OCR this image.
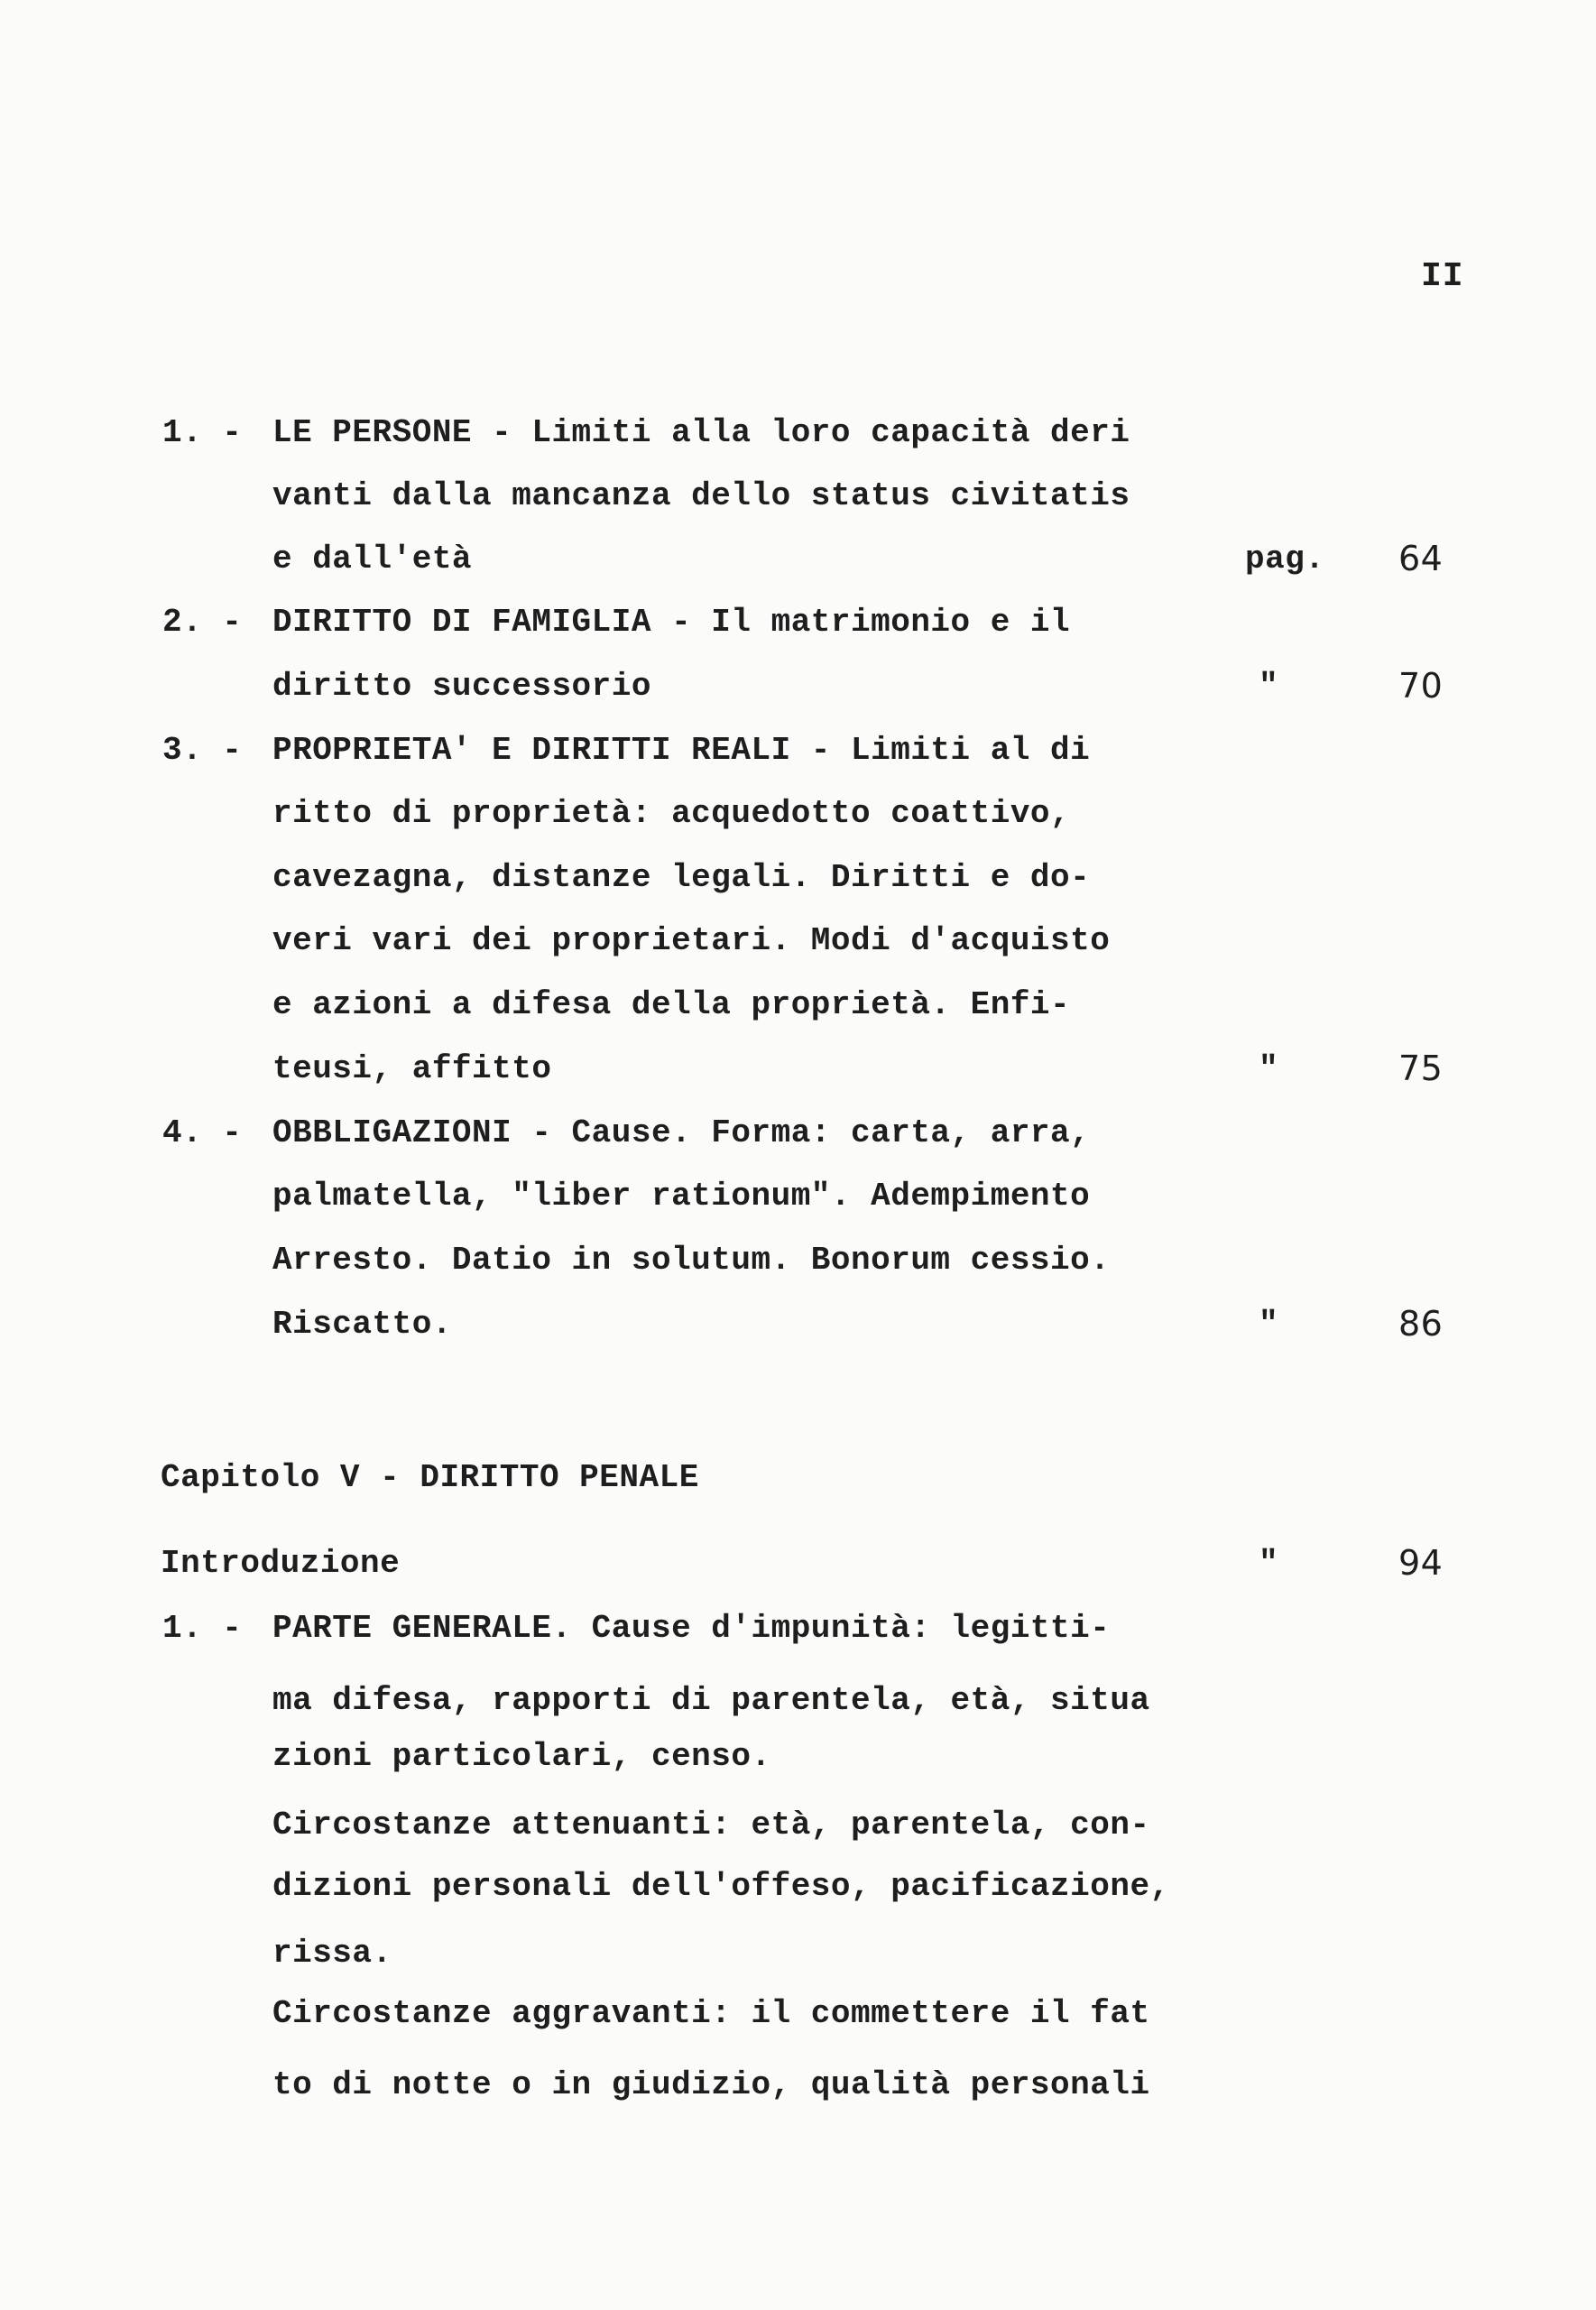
II
1. - LE PERSONE - Limiti alla loro capacità deri
vanti dalla mancanza dello status civitatis
e dall'età	pag. 64
2. - DIRITTO DI FAMIGLIA - Il matrimonio e il
diritto successorio	"	70
3. - PROPRIETA' E DIRITTI REALI - Limiti al di
ritto di proprietà: acquedotto coattivo,
cavezagna, distanze legali. Diritti e do-
veri vari dei proprietari. Modi d'acquisto
e azioni a difesa della proprietà. Enfi-
teusi, affitto	"	75
4. - OBBLIGAZIONI - Cause. Forma: carta, arra,
palmatella, "liber rationum". Adempimento
Arresto. Datio in solutum. Bonorum cessio.
Riscatto.	"	86
Capitolo V - DIRITTO PENALE
Introduzione	"	94
1. - PARTE GENERALE. Cause d'impunità: legitti-
ma difesa, rapporti di parentela, età, situa
zioni particolari, censo.
Circostanze attenuanti: età, parentela, con-
dizioni personali dell'offeso, pacificazione,
rissa.
Circostanze aggravanti: il commettere il fat
to di notte o in giudizio, qualità personali
